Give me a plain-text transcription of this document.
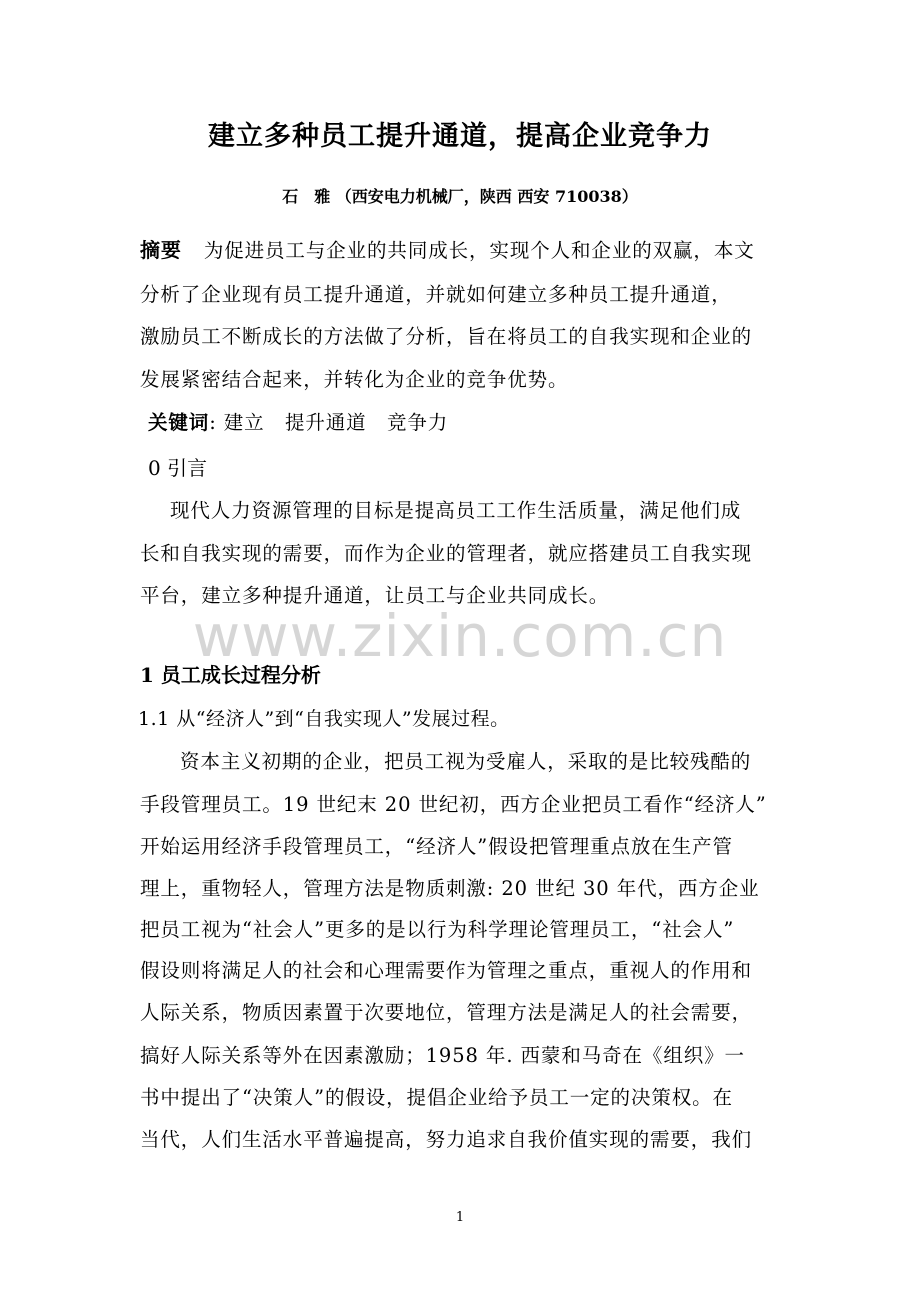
建立多种员工提升通道，提高企业竞争力
石　雅 （西安电力机械厂，陕西 西安 710038）
摘要 为促进员工与企业的共同成长，实现个人和企业的双赢，本文
分析了企业现有员工提升通道，并就如何建立多种员工提升通道，
激励员工不断成长的方法做了分析，旨在将员工的自我实现和企业的
发展紧密结合起来，并转化为企业的竞争优势。
关键词: 建立　提升通道　竞争力
0 引言
现代人力资源管理的目标是提高员工工作生活质量，满足他们成
长和自我实现的需要，而作为企业的管理者，就应搭建员工自我实现
平台，建立多种提升通道，让员工与企业共同成长。
www.zixin.com.cn
1 员工成长过程分析
1.1 从“经济人”到“自我实现人”发展过程。
资本主义初期的企业，把员工视为受雇人，采取的是比较残酷的
手段管理员工。19 世纪末 20 世纪初，西方企业把员工看作“经济人”
开始运用经济手段管理员工，“经济人”假设把管理重点放在生产管
理上，重物轻人，管理方法是物质刺激: 20 世纪 30 年代，西方企业
把员工视为“社会人”更多的是以行为科学理论管理员工，“社会人”
假设则将满足人的社会和心理需要作为管理之重点，重视人的作用和
人际关系，物质因素置于次要地位，管理方法是满足人的社会需要，
搞好人际关系等外在因素激励；1958 年. 西蒙和马奇在《组织》一
书中提出了“决策人”的假设，提倡企业给予员工一定的决策权。在
当代，人们生活水平普遍提高，努力追求自我价值实现的需要，我们
1
